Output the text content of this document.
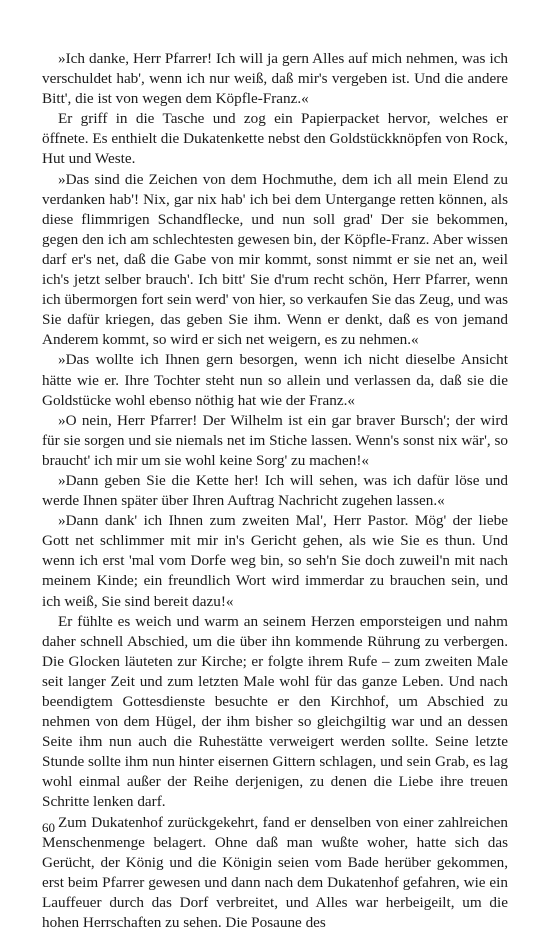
»Ich danke, Herr Pfarrer! Ich will ja gern Alles auf mich nehmen, was ich verschuldet hab', wenn ich nur weiß, daß mir's vergeben ist. Und die andere Bitt', die ist von wegen dem Köpfle-Franz.«

Er griff in die Tasche und zog ein Papierpacket hervor, welches er öffnete. Es enthielt die Dukatenkette nebst den Goldstückknöpfen von Rock, Hut und Weste.

»Das sind die Zeichen von dem Hochmuthe, dem ich all mein Elend zu verdanken hab'! Nix, gar nix hab' ich bei dem Untergange retten können, als diese flimmrigen Schandflecke, und nun soll grad' Der sie bekommen, gegen den ich am schlechtesten gewesen bin, der Köpfle-Franz. Aber wissen darf er's net, daß die Gabe von mir kommt, sonst nimmt er sie net an, weil ich's jetzt selber brauch'. Ich bitt' Sie d'rum recht schön, Herr Pfarrer, wenn ich übermorgen fort sein werd' von hier, so verkaufen Sie das Zeug, und was Sie dafür kriegen, das geben Sie ihm. Wenn er denkt, daß es von jemand Anderem kommt, so wird er sich net weigern, es zu nehmen.«

»Das wollte ich Ihnen gern besorgen, wenn ich nicht dieselbe Ansicht hätte wie er. Ihre Tochter steht nun so allein und verlassen da, daß sie die Goldstücke wohl ebenso nöthig hat wie der Franz.«

»O nein, Herr Pfarrer! Der Wilhelm ist ein gar braver Bursch'; der wird für sie sorgen und sie niemals net im Stiche lassen. Wenn's sonst nix wär', so braucht' ich mir um sie wohl keine Sorg' zu machen!«

»Dann geben Sie die Kette her! Ich will sehen, was ich dafür löse und werde Ihnen später über Ihren Auftrag Nachricht zugehen lassen.«

»Dann dank' ich Ihnen zum zweiten Mal', Herr Pastor. Mög' der liebe Gott net schlimmer mit mir in's Gericht gehen, als wie Sie es thun. Und wenn ich erst 'mal vom Dorfe weg bin, so seh'n Sie doch zuweil'n mit nach meinem Kinde; ein freundlich Wort wird immerdar zu brauchen sein, und ich weiß, Sie sind bereit dazu!«

Er fühlte es weich und warm an seinem Herzen emporsteigen und nahm daher schnell Abschied, um die über ihn kommende Rührung zu verbergen. Die Glocken läuteten zur Kirche; er folgte ihrem Rufe – zum zweiten Male seit langer Zeit und zum letzten Male wohl für das ganze Leben. Und nach beendigtem Gottesdienste besuchte er den Kirchhof, um Abschied zu nehmen von dem Hügel, der ihm bisher so gleichgiltig war und an dessen Seite ihm nun auch die Ruhestätte verweigert werden sollte. Seine letzte Stunde sollte ihm nun hinter eisernen Gittern schlagen, und sein Grab, es lag wohl einmal außer der Reihe derjenigen, zu denen die Liebe ihre treuen Schritte lenken darf.

Zum Dukatenhof zurückgekehrt, fand er denselben von einer zahlreichen Menschenmenge belagert. Ohne daß man wußte woher, hatte sich das Gerücht, der König und die Königin seien vom Bade herüber gekommen, erst beim Pfarrer gewesen und dann nach dem Dukatenhof gefahren, wie ein Lauffeuer durch das Dorf verbreitet, und Alles war herbeigeilt, um die hohen Herrschaften zu sehen. Die Posaune des

60
